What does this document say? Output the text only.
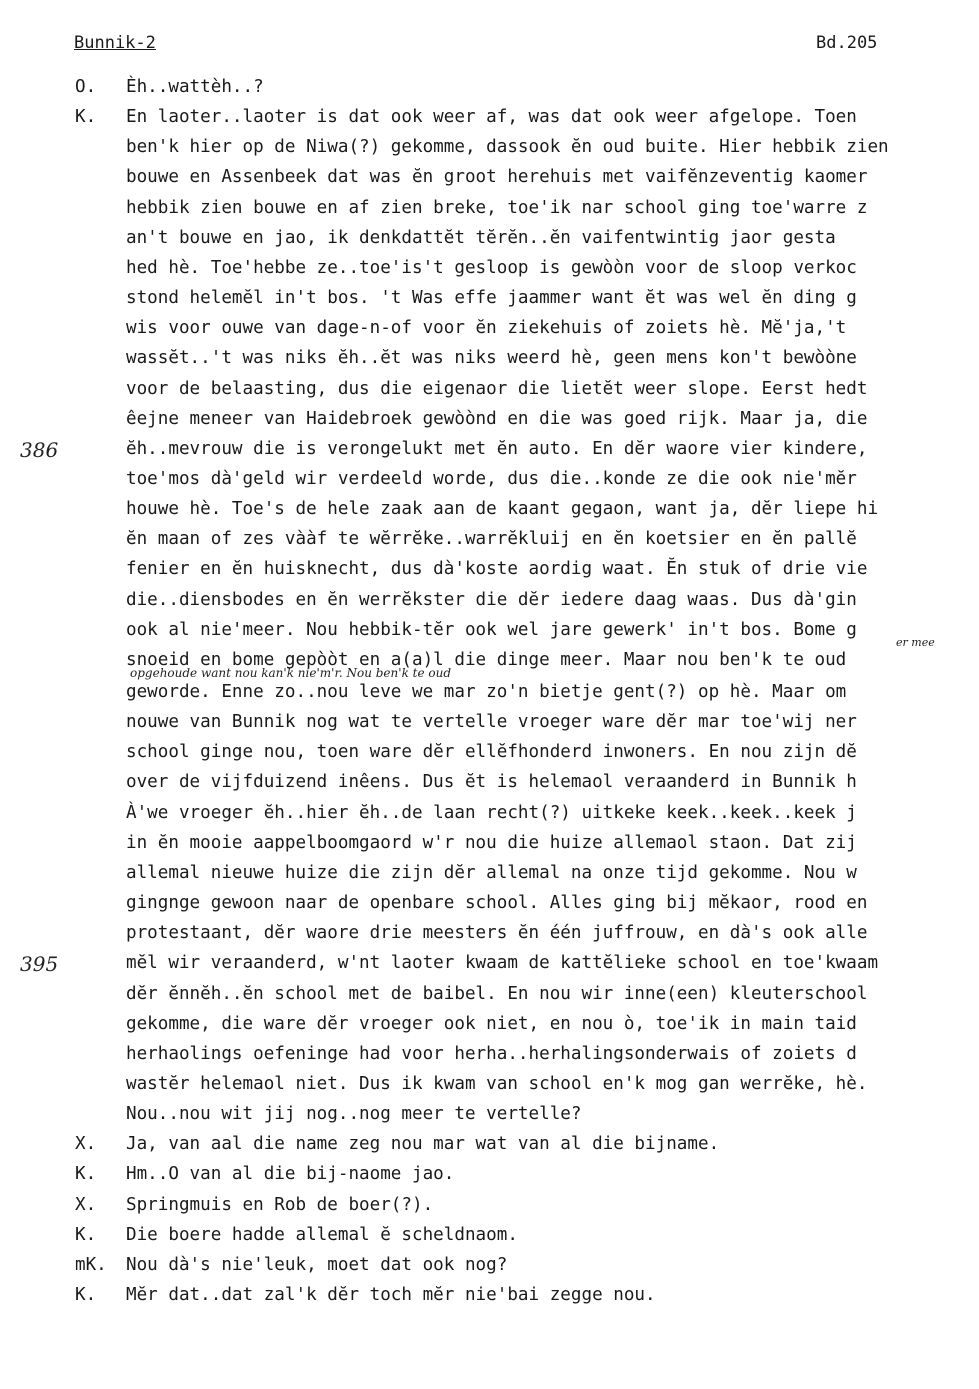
Bunnik-2	Bd.205
386
395
er mee
opgehoude want nou kan'k nie'm'r. Nou ben'k te oud
O. Èh..wattèh..?
K. En laoter..laoter is dat ook weer af, was dat ook weer afgelope. Toen
ben'k hier op de Niwa(?) gekomme, dassook ĕn oud buite. Hier hebbik zien
bouwe en Assenbeek dat was ĕn groot herehuis met vaifĕnzeventig kaomer
hebbik zien bouwe en af zien breke, toe'ik nar school ging toe'warre z
an't bouwe en jao, ik denkdattĕt tĕrĕn..ĕn vaifentwintig jaor gesta
hed hè. Toe'hebbe ze..toe'is't gesloop is gewòòn voor de sloop verkoc
stond helemĕl in't bos. 't Was effe jaammer want ĕt was wel ĕn ding g
wis voor ouwe van dage-n-of voor ĕn ziekehuis of zoiets hè. Mĕ'ja,'t
wassĕt..'t was niks ĕh..ĕt was niks weerd hè, geen mens kon't bewòòne
voor de belaasting, dus die eigenaor die lietĕt weer slope. Eerst hedt
êejne meneer van Haidebroek gewòònd en die was goed rijk. Maar ja, die
ĕh..mevrouw die is verongelukt met ĕn auto. En dĕr waore vier kindere,
toe'mos dà'geld wir verdeeld worde, dus die..konde ze die ook nie'mĕr
houwe hè. Toe's de hele zaak aan de kaant gegaon, want ja, dĕr liepe hi
ĕn maan of zes vààf te wĕrrĕke..warrĕkluij en ĕn koetsier en ĕn pallĕ
fenier en ĕn huisknecht, dus dà'koste aordig waat. Ĕn stuk of drie vie
die..diensbodes en ĕn werrĕkster die dĕr iedere daag waas. Dus dà'gin
ook al nie'meer. Nou hebbik-tĕr ook wel jare gewerk' in't bos. Bome g
snoeid en bome gepòòt en a(a)l die dinge meer. Maar nou ben'k te oud
geworde. Enne zo..nou leve we mar zo'n bietje gent(?) op hè. Maar om
nouwe van Bunnik nog wat te vertelle vroeger ware dĕr mar toe'wij ner
school ginge nou, toen ware dĕr ellĕfhonderd inwoners. En nou zijn dĕ
over de vijfduizend inêens. Dus ĕt is helemaol veraanderd in Bunnik h
À'we vroeger ĕh..hier ĕh..de laan recht(?) uitkeke keek..keek..keek j
in ĕn mooie aappelboomgaord w'r nou die huize allemaol staon. Dat zij
allemal nieuwe huize die zijn dĕr allemal na onze tijd gekomme. Nou w
gingnge gewoon naar de openbare school. Alles ging bij mĕkaor, rood en
protestaant, dĕr waore drie meesters ĕn één juffrouw, en dà's ook alle
mĕl wir veraanderd, w'nt laoter kwaam de kattĕlieke school en toe'kwaam
dĕr ĕnnĕh..ĕn school met de baibel. En nou wir inne(een) kleuterschool
gekomme, die ware dĕr vroeger ook niet, en nou ò, toe'ik in main taid
herhaolings oefeninge had voor herha..herhalingsonderwais of zoiets d
wastĕr helemaol niet. Dus ik kwam van school en'k mog gan werrĕke, hè.
Nou..nou wit jij nog..nog meer te vertelle?
X. Ja, van aal die name zeg nou mar wat van al die bijname.
K. Hm..O van al die bij-naome jao.
X. Springmuis en Rob de boer(?).
K. Die boere hadde allemal ĕ scheldnaom.
mK. Nou dà's nie'leuk, moet dat ook nog?
K. Mĕr dat..dat zal'k dĕr toch mĕr nie'bai zegge nou.
